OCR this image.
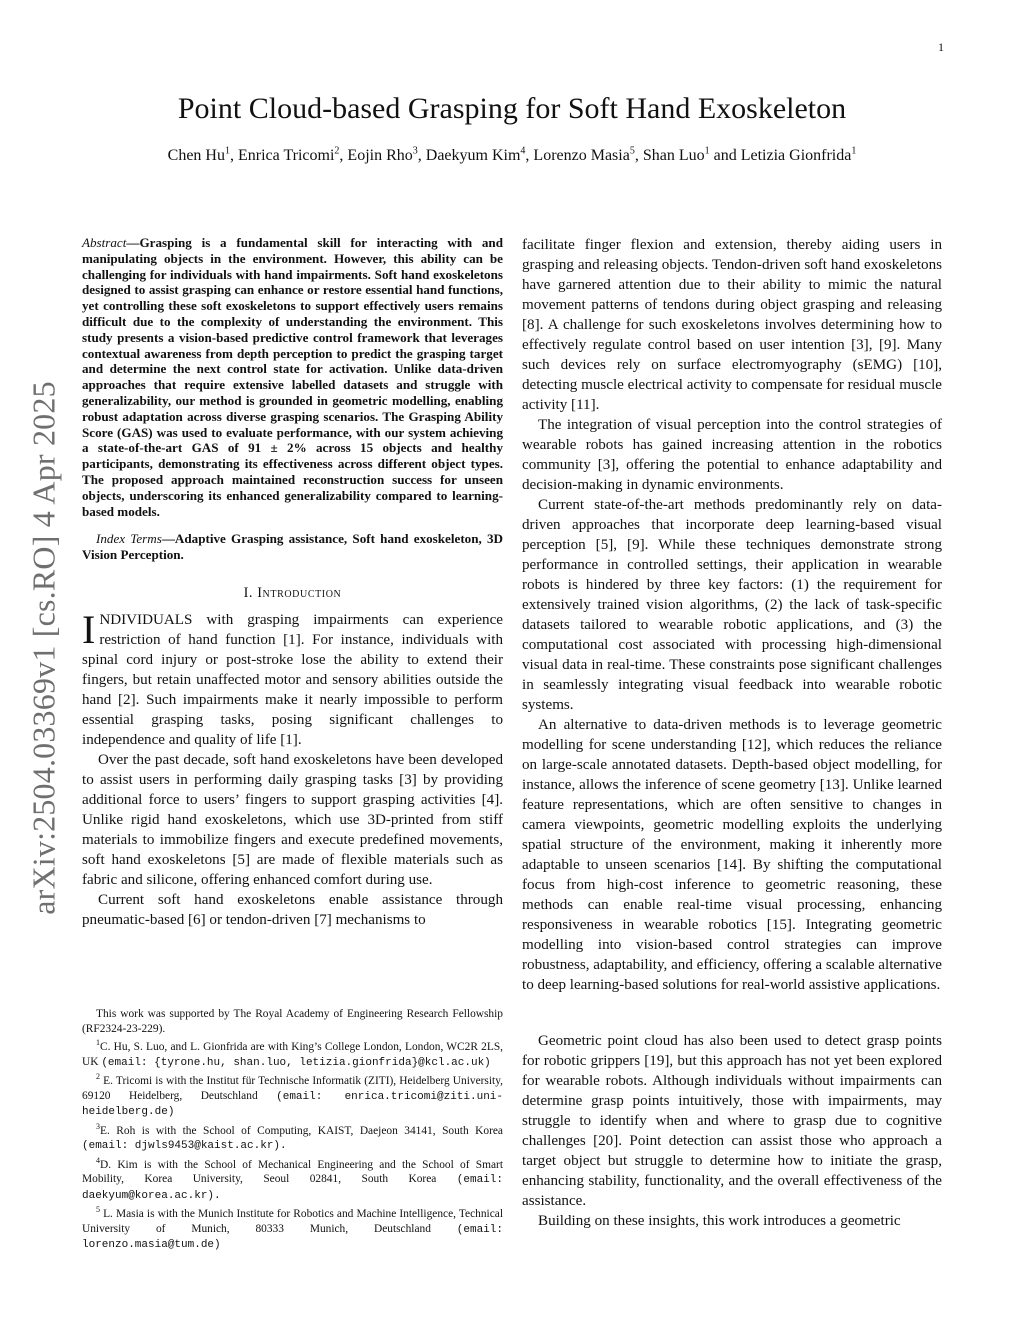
1
arXiv:2504.03369v1 [cs.RO] 4 Apr 2025
Point Cloud-based Grasping for Soft Hand Exoskeleton
Chen Hu$^1$, Enrica Tricomi$^2$, Eojin Rho$^3$, Daekyum Kim$^4$, Lorenzo Masia$^5$, Shan Luo$^1$ and Letizia Gionfrida$^1$

Abstract—Grasping is a fundamental skill for interacting with and manipulating objects in the environment. However, this ability can be challenging for individuals with hand impairments. Soft hand exoskeletons designed to assist grasping can enhance or restore essential hand functions, yet controlling these soft exoskeletons to support effectively users remains difficult due to the complexity of understanding the environment. This study presents a vision-based predictive control framework that leverages contextual awareness from depth perception to predict the grasping target and determine the next control state for activation. Unlike data-driven approaches that require extensive labelled datasets and struggle with generalizability, our method is grounded in geometric modelling, enabling robust adaptation across diverse grasping scenarios. The Grasping Ability Score (GAS) was used to evaluate performance, with our system achieving a state-of-the-art GAS of 91 ± 2% across 15 objects and healthy participants, demonstrating its effectiveness across different object types. The proposed approach maintained reconstruction success for unseen objects, underscoring its enhanced generalizability compared to learning-based models.

Index Terms—Adaptive Grasping assistance, Soft hand exoskeleton, 3D Vision Perception.

I. Introduction

INDIVIDUALS with grasping impairments can experience restriction of hand function [1]. For instance, individuals with spinal cord injury or post-stroke lose the ability to extend their fingers, but retain unaffected motor and sensory abilities outside the hand [2]. Such impairments make it nearly impossible to perform essential grasping tasks, posing significant challenges to independence and quality of life [1].

Over the past decade, soft hand exoskeletons have been developed to assist users in performing daily grasping tasks [3] by providing additional force to users’ fingers to support grasping activities [4]. Unlike rigid hand exoskeletons, which use 3D-printed from stiff materials to immobilize fingers and execute predefined movements, soft hand exoskeletons [5] are made of flexible materials such as fabric and silicone, offering enhanced comfort during use.

Current soft hand exoskeletons enable assistance through pneumatic-based [6] or tendon-driven [7] mechanisms to

This work was supported by The Royal Academy of Engineering Research Fellowship (RF2324-23-229).

$^1$C. Hu, S. Luo, and L. Gionfrida are with King’s College London, London, WC2R 2LS, UK (email: {tyrone.hu, shan.luo, letizia.gionfrida}@kcl.ac.uk)

$^2$ E. Tricomi is with the Institut für Technische Informatik (ZITI), Heidelberg University, 69120 Heidelberg, Deutschland (email: enrica.tricomi@ziti.uni-heidelberg.de)

$^3$E. Roh is with the School of Computing, KAIST, Daejeon 34141, South Korea (email: djwls9453@kaist.ac.kr).

$^4$D. Kim is with the School of Mechanical Engineering and the School of Smart Mobility, Korea University, Seoul 02841, South Korea (email: daekyum@korea.ac.kr).

$^5$ L. Masia is with the Munich Institute for Robotics and Machine Intelligence, Technical University of Munich, 80333 Munich, Deutschland (email: lorenzo.masia@tum.de)

facilitate finger flexion and extension, thereby aiding users in grasping and releasing objects. Tendon-driven soft hand exoskeletons have garnered attention due to their ability to mimic the natural movement patterns of tendons during object grasping and releasing [8]. A challenge for such exoskeletons involves determining how to effectively regulate control based on user intention [3], [9]. Many such devices rely on surface electromyography (sEMG) [10], detecting muscle electrical activity to compensate for residual muscle activity [11].

The integration of visual perception into the control strategies of wearable robots has gained increasing attention in the robotics community [3], offering the potential to enhance adaptability and decision-making in dynamic environments.

Current state-of-the-art methods predominantly rely on data-driven approaches that incorporate deep learning-based visual perception [5], [9]. While these techniques demonstrate strong performance in controlled settings, their application in wearable robots is hindered by three key factors: (1) the requirement for extensively trained vision algorithms, (2) the lack of task-specific datasets tailored to wearable robotic applications, and (3) the computational cost associated with processing high-dimensional visual data in real-time. These constraints pose significant challenges in seamlessly integrating visual feedback into wearable robotic systems.

An alternative to data-driven methods is to leverage geometric modelling for scene understanding [12], which reduces the reliance on large-scale annotated datasets. Depth-based object modelling, for instance, allows the inference of scene geometry [13]. Unlike learned feature representations, which are often sensitive to changes in camera viewpoints, geometric modelling exploits the underlying spatial structure of the environment, making it inherently more adaptable to unseen scenarios [14]. By shifting the computational focus from high-cost inference to geometric reasoning, these methods can enable real-time visual processing, enhancing responsiveness in wearable robotics [15]. Integrating geometric modelling into vision-based control strategies can improve robustness, adaptability, and efficiency, offering a scalable alternative to deep learning-based solutions for real-world assistive applications.

Geometric point cloud has also been used to detect grasp points for robotic grippers [19], but this approach has not yet been explored for wearable robots. Although individuals without impairments can determine grasp points intuitively, those with impairments, may struggle to identify when and where to grasp due to cognitive challenges [20]. Point detection can assist those who approach a target object but struggle to determine how to initiate the grasp, enhancing stability, functionality, and the overall effectiveness of the assistance.

Building on these insights, this work introduces a geometric
